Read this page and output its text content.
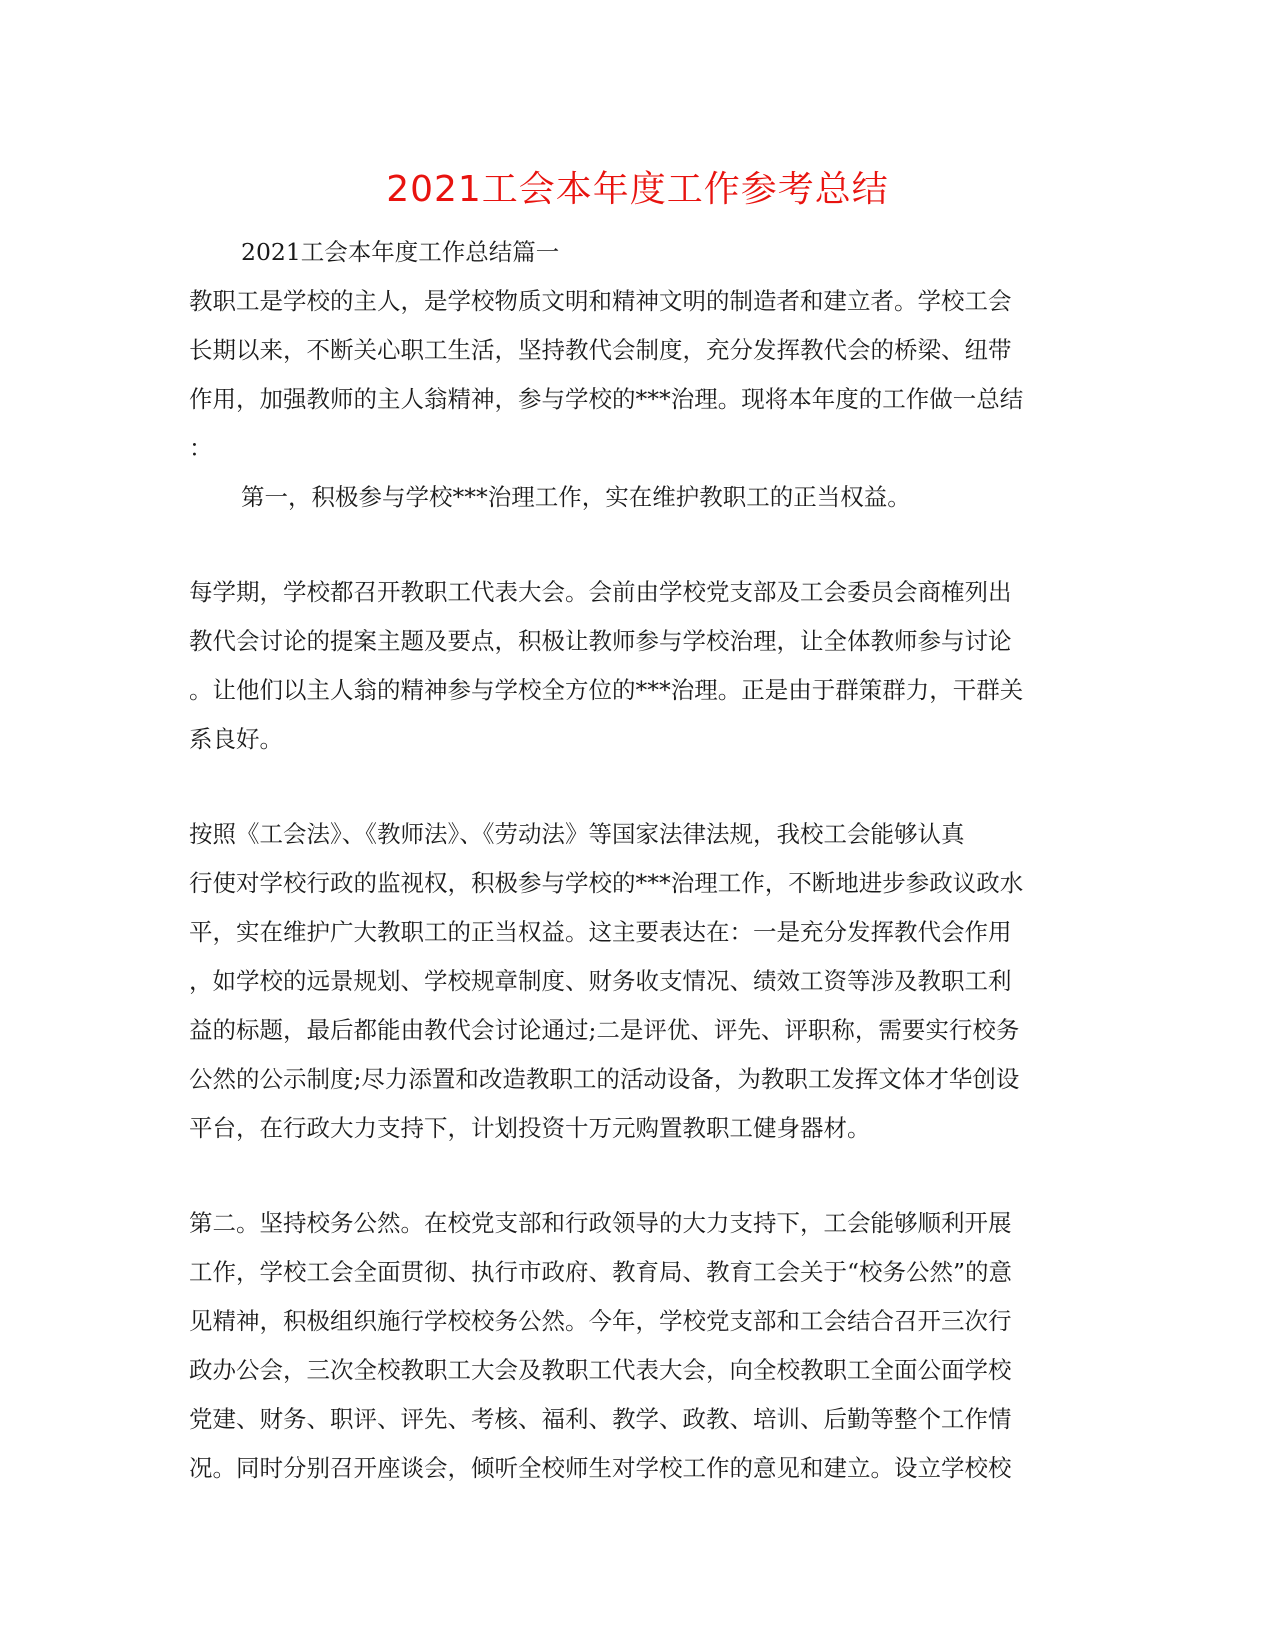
2021工会本年度工作参考总结
2021工会本年度工作总结篇一
教职工是学校的主人，是学校物质文明和精神文明的制造者和建立者。学校工会
长期以来，不断关心职工生活，坚持教代会制度，充分发挥教代会的桥梁、纽带
作用，加强教师的主人翁精神，参与学校的***治理。现将本年度的工作做一总结
：
第一，积极参与学校***治理工作，实在维护教职工的正当权益。
每学期，学校都召开教职工代表大会。会前由学校党支部及工会委员会商榷列出
教代会讨论的提案主题及要点，积极让教师参与学校治理，让全体教师参与讨论
。让他们以主人翁的精神参与学校全方位的***治理。正是由于群策群力，干群关
系良好。
按照《工会法》、《教师法》、《劳动法》等国家法律法规，我校工会能够认真
行使对学校行政的监视权，积极参与学校的***治理工作，不断地进步参政议政水
平，实在维护广大教职工的正当权益。这主要表达在：一是充分发挥教代会作用
，如学校的远景规划、学校规章制度、财务收支情况、绩效工资等涉及教职工利
益的标题，最后都能由教代会讨论通过;二是评优、评先、评职称，需要实行校务
公然的公示制度;尽力添置和改造教职工的活动设备，为教职工发挥文体才华创设
平台，在行政大力支持下，计划投资十万元购置教职工健身器材。
第二。坚持校务公然。在校党支部和行政领导的大力支持下，工会能够顺利开展
工作，学校工会全面贯彻、执行市政府、教育局、教育工会关于“校务公然”的意
见精神，积极组织施行学校校务公然。今年，学校党支部和工会结合召开三次行
政办公会，三次全校教职工大会及教职工代表大会，向全校教职工全面公面学校
党建、财务、职评、评先、考核、福利、教学、政教、培训、后勤等整个工作情
况。同时分别召开座谈会，倾听全校师生对学校工作的意见和建立。设立学校校
